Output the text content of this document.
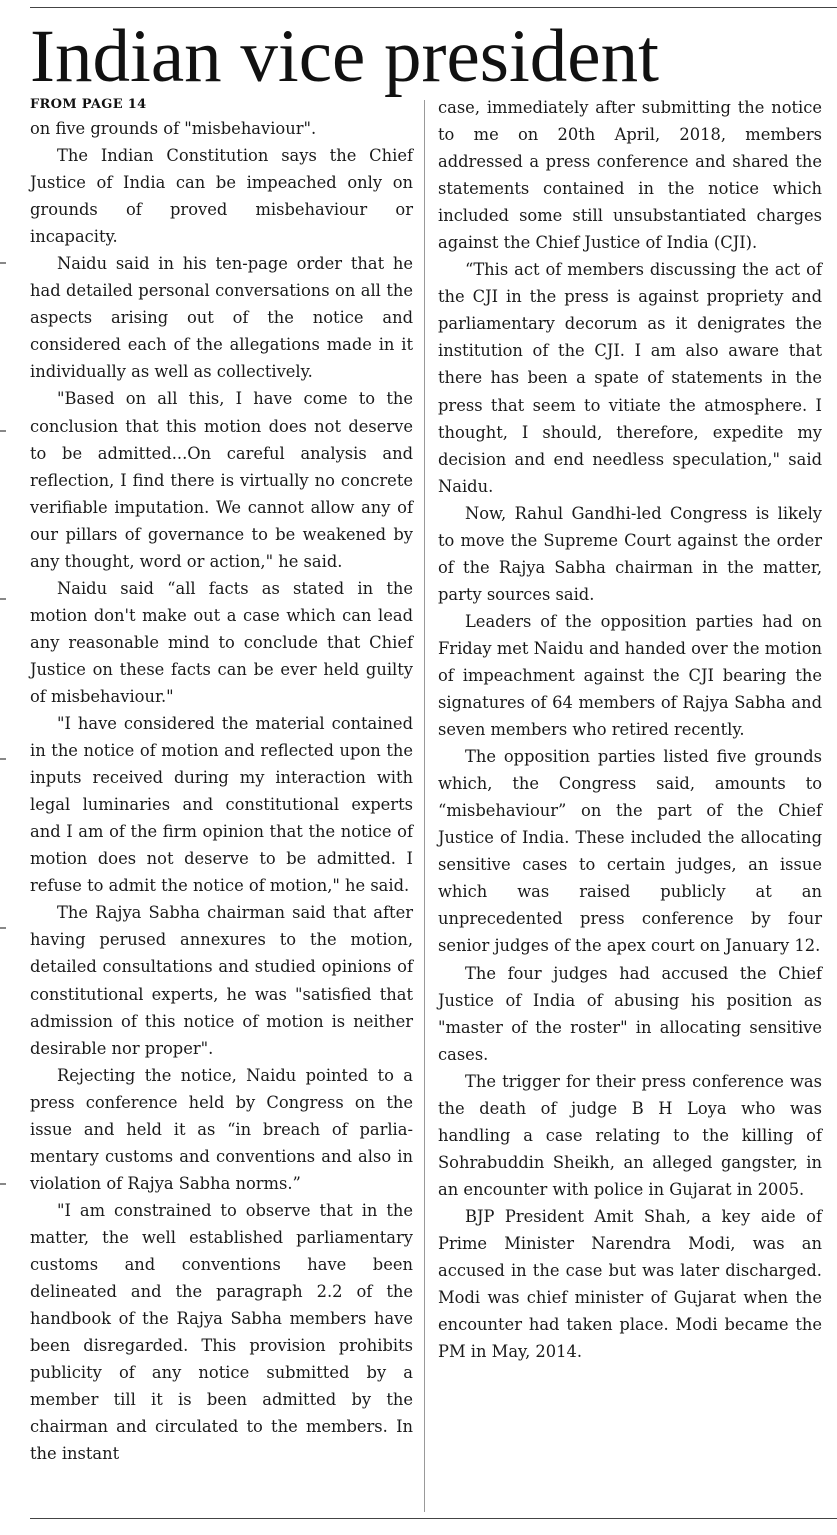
Indian vice president
FROM PAGE 14

on five grounds of "misbehaviour".

The Indian Constitution says the Chief Justice of India can be impeached only on grounds of proved misbehaviour or incapacity.

Naidu said in his ten-page order that he had detailed personal conversations on all the aspects arising out of the notice and considered each of the allegations made in it individually as well as collectively.

"Based on all this, I have come to the conclusion that this motion does not deserve to be admitted...On careful analysis and reflection, I find there is virtually no concrete verifiable imputation. We cannot allow any of our pillars of governance to be weakened by any thought, word or action," he said.

Naidu said “all facts as stated in the motion don't make out a case which can lead any reasonable mind to conclude that Chief Justice on these facts can be ever held guilty of misbehaviour."

"I have considered the material contained in the notice of motion and reflected upon the inputs received during my interaction with legal luminaries and constitutional experts and I am of the firm opinion that the notice of motion does not deserve to be admitted. I refuse to admit the notice of motion," he said.

The Rajya Sabha chairman said that after having perused annexures to the motion, detailed consultations and studied opinions of constitutional experts, he was "satisfied that admission of this notice of motion is neither desirable nor proper".

Rejecting the notice, Naidu pointed to a press conference held by Congress on the issue and held it as “in breach of parliamentary customs and conventions and also in violation of Rajya Sabha norms.”

"I am constrained to observe that in the matter, the well established parliamentary customs and conventions have been delineated and the paragraph 2.2 of the handbook of the Rajya Sabha members have been disregarded. This provision prohibits publicity of any notice submitted by a member till it is been admitted by the chairman and circulated to the members. In the instant

case, immediately after submitting the notice to me on 20th April, 2018, members addressed a press conference and shared the statements contained in the notice which included some still unsubstantiated charges against the Chief Justice of India (CJI).

“This act of members discussing the act of the CJI in the press is against propriety and parliamentary decorum as it denigrates the institution of the CJI. I am also aware that there has been a spate of statements in the press that seem to vitiate the atmosphere. I thought, I should, therefore, expedite my decision and end needless speculation," said Naidu.

Now, Rahul Gandhi-led Congress is likely to move the Supreme Court against the order of the Rajya Sabha chairman in the matter, party sources said.

Leaders of the opposition parties had on Friday met Naidu and handed over the motion of impeachment against the CJI bearing the signatures of 64 members of Rajya Sabha and seven members who retired recently.

The opposition parties listed five grounds which, the Congress said, amounts to “misbehaviour” on the part of the Chief Justice of India. These included the allocating sensitive cases to certain judges, an issue which was raised publicly at an unprecedented press conference by four senior judges of the apex court on January 12.

The four judges had accused the Chief Justice of India of abusing his position as "master of the roster" in allocating sensitive cases.

The trigger for their press conference was the death of judge B H Loya who was handling a case relating to the killing of Sohrabuddin Sheikh, an alleged gangster, in an encounter with police in Gujarat in 2005.

BJP President Amit Shah, a key aide of Prime Minister Narendra Modi, was an accused in the case but was later discharged. Modi was chief minister of Gujarat when the encounter had taken place. Modi became the PM in May, 2014.
